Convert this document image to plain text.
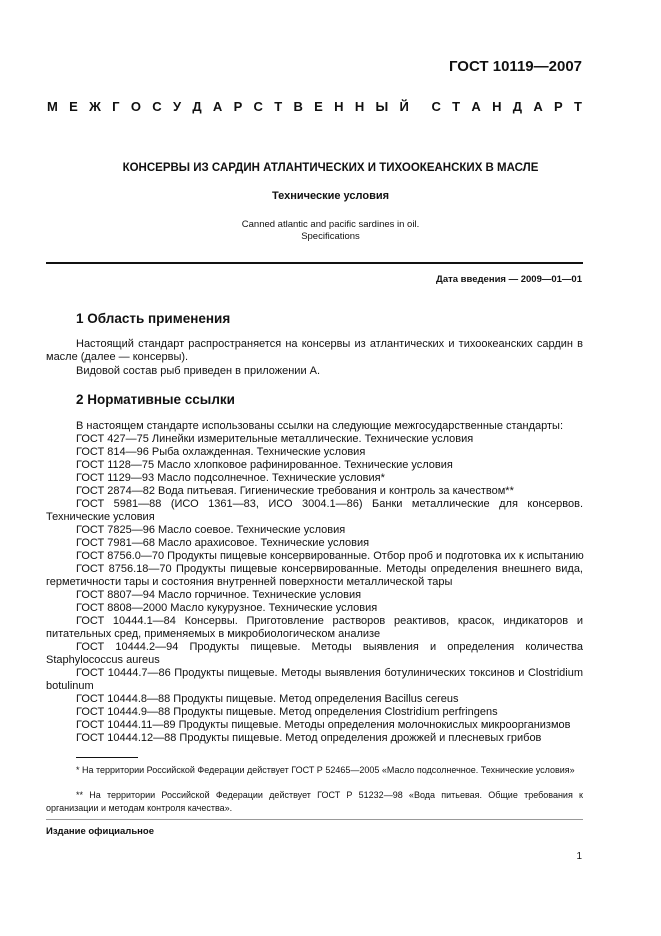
ГОСТ 10119—2007
М Е Ж Г О С У Д А Р С Т В Е Н Н Ы Й С Т А Н Д А Р Т
КОНСЕРВЫ ИЗ САРДИН АТЛАНТИЧЕСКИХ И ТИХООКЕАНСКИХ В МАСЛЕ
Технические условия
Canned atlantic and pacific sardines in oil.
Specifications
Дата введения — 2009—01—01
1 Область применения
Настоящий стандарт распространяется на консервы из атлантических и тихоокеанских сардин в масле (далее — консервы).
Видовой состав рыб приведен в приложении А.
2 Нормативные ссылки
В настоящем стандарте использованы ссылки на следующие межгосударственные стандарты:
ГОСТ 427—75 Линейки измерительные металлические. Технические условия
ГОСТ 814—96 Рыба охлажденная. Технические условия
ГОСТ 1128—75 Масло хлопковое рафинированное. Технические условия
ГОСТ 1129—93 Масло подсолнечное. Технические условия*
ГОСТ 2874—82 Вода питьевая. Гигиенические требования и контроль за качеством**
ГОСТ 5981—88 (ИСО 1361—83, ИСО 3004.1—86) Банки металлические для консервов. Технические условия
ГОСТ 7825—96 Масло соевое. Технические условия
ГОСТ 7981—68 Масло арахисовое. Технические условия
ГОСТ 8756.0—70 Продукты пищевые консервированные. Отбор проб и подготовка их к испытанию
ГОСТ 8756.18—70 Продукты пищевые консервированные. Методы определения внешнего вида, герметичности тары и состояния внутренней поверхности металлической тары
ГОСТ 8807—94 Масло горчичное. Технические условия
ГОСТ 8808—2000 Масло кукурузное. Технические условия
ГОСТ 10444.1—84 Консервы. Приготовление растворов реактивов, красок, индикаторов и питательных сред, применяемых в микробиологическом анализе
ГОСТ 10444.2—94 Продукты пищевые. Методы выявления и определения количества Staphylococcus aureus
ГОСТ 10444.7—86 Продукты пищевые. Методы выявления ботулинических токсинов и Clostridium botulinum
ГОСТ 10444.8—88 Продукты пищевые. Метод определения Bacillus cereus
ГОСТ 10444.9—88 Продукты пищевые. Метод определения Clostridium perfringens
ГОСТ 10444.11—89 Продукты пищевые. Методы определения молочнокислых микроорганизмов
ГОСТ 10444.12—88 Продукты пищевые. Метод определения дрожжей и плесневых грибов
* На территории Российской Федерации действует ГОСТ Р 52465—2005 «Масло подсолнечное. Технические условия»
** На территории Российской Федерации действует ГОСТ Р 51232—98 «Вода питьевая. Общие требования к организации и методам контроля качества».
Издание официальное
1
